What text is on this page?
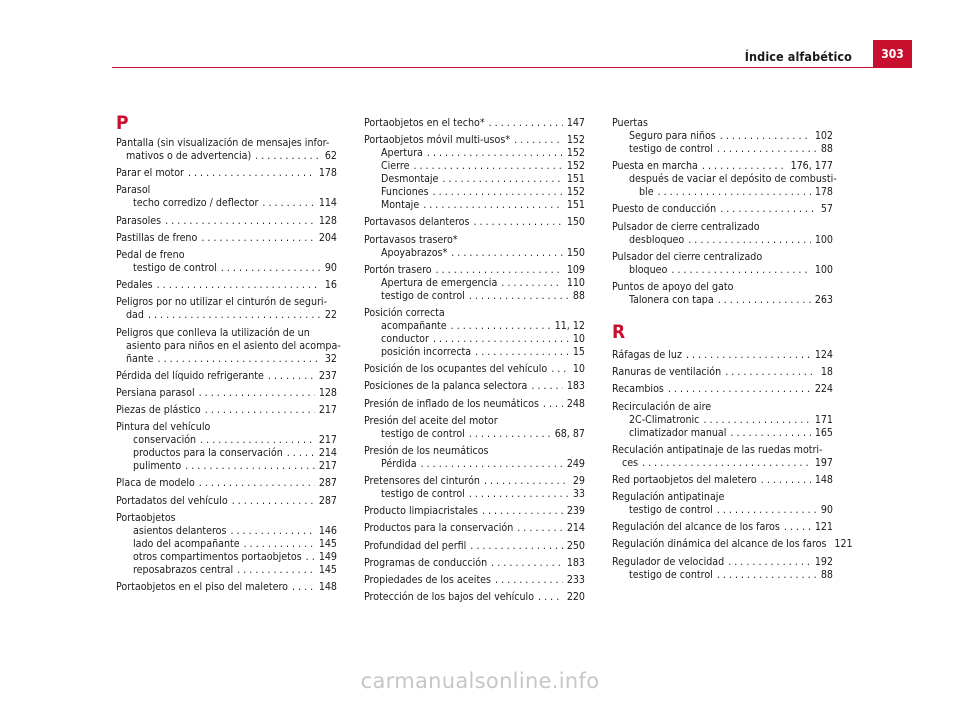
Índice alfabético	303
P
Pantalla (sin visualización de mensajes infor-
mativos o de advertencia) . . .	62
Parar el motor . . .	178
Parasol
techo corredizo / deflector . . .	114
Parasoles . . .	128
Pastillas de freno . . .	204
Pedal de freno
testigo de control . . .	90
Pedales . . .	16
Peligros por no utilizar el cinturón de seguri-
dad . . .	22
Peligros que conlleva la utilización de un
asiento para niños en el asiento del acompa-
ñante . . .	32
Pérdida del líquido refrigerante . . .	237
Persiana parasol . . .	128
Piezas de plástico . . .	217
Pintura del vehículo
conservación . . .	217
productos para la conservación . . .	214
pulimento . . .	217
Placa de modelo . . .	287
Portadatos del vehículo . . .	287
Portaobjetos
asientos delanteros . . .	146
lado del acompañante . . .	145
otros compartimentos portaobjetos . . . 149
reposabrazos central . . .	145
Portaobjetos en el piso del maletero . . .	148
Portaobjetos en el techo* . . .	147
Portaobjetos móvil multi-usos* . . .	152
Apertura . . .	152
Cierre . . .	152
Desmontaje . . .	151
Funciones . . .	152
Montaje . . .	151
Portavasos delanteros . . .	150
Portavasos trasero*
Apoyabrazos* . . .	150
Portón trasero . . .	109
Apertura de emergencia . . .	110
testigo de control . . .	88
Posición correcta
acompañante . . .	11, 12
conductor . . .	10
posición incorrecta . . .	15
Posición de los ocupantes del vehículo . . . 10
Posiciones de la palanca selectora . . .	183
Presión de inflado de los neumáticos . . .	248
Presión del aceite del motor
testigo de control . . .	68, 87
Presión de los neumáticos
Pérdida . . .	249
Pretensores del cinturón . . .	29
testigo de control . . .	33
Producto limpiacristales . . .	239
Productos para la conservación . . .	214
Profundidad del perfil . . .	250
Programas de conducción . . .	183
Propiedades de los aceites . . .	233
Protección de los bajos del vehículo . . .	220
Puertas
Seguro para niños . . .	102
testigo de control . . .	88
Puesta en marcha . . .	176, 177
después de vaciar el depósito de combusti-
ble . . .	178
Puesto de conducción . . .	57
Pulsador de cierre centralizado
desbloqueo . . .	100
Pulsador del cierre centralizado
bloqueo . . .	100
Puntos de apoyo del gato
Talonera con tapa . . .	263
R
Ráfagas de luz . . .	124
Ranuras de ventilación . . .	18
Recambios . . .	224
Recirculación de aire
2C-Climatronic . . .	171
climatizador manual . . .	165
Reculación antipatinaje de las ruedas motri-
ces . . .	197
Red portaobjetos del maletero . . .	148
Regulación antipatinaje
testigo de control . . .	90
Regulación del alcance de los faros . . .	121
Regulación dinámica del alcance de los faros 121
Regulador de velocidad . . .	192
testigo de control . . .	88
carmanualsonline.info
